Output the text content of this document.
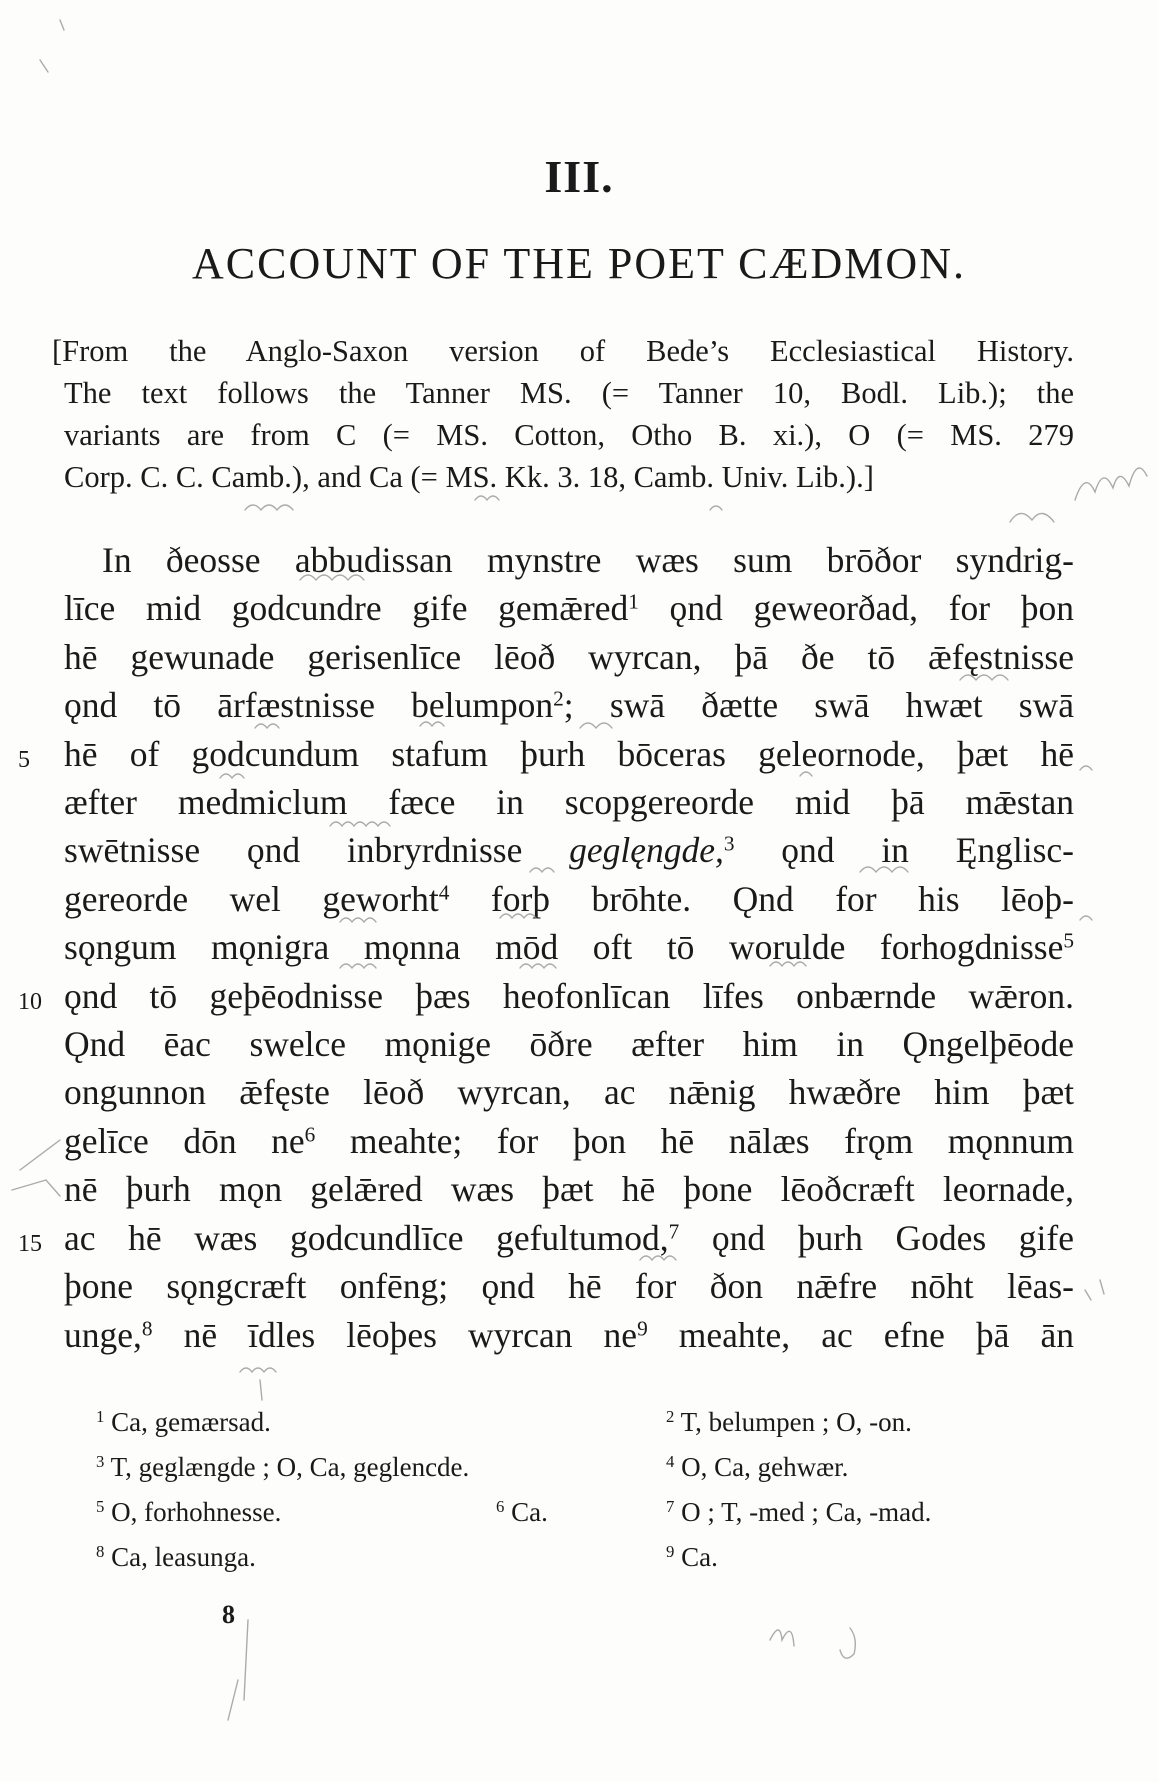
III.
ACCOUNT OF THE POET CÆDMON.
[From the Anglo-Saxon version of Bede’s Ecclesiastical History.
The text follows the Tanner MS. (= Tanner 10, Bodl. Lib.); the
variants are from C (= MS. Cotton, Otho B. xi.), O (= MS. 279
Corp. C. C. Camb.), and Ca (= MS. Kk. 3. 18, Camb. Univ. Lib.).]
In ðeosse abbudissan mynstre wæs sum brōðor syndrig-
līce mid godcundre gife gemǣred$^1$ ǫnd geweorðad, for þon
hē gewunade gerisenlīce lēoð wyrcan, þā ðe tō ǣfęstnisse
ǫnd tō ārfæstnisse belumpon$^2$; swā ðætte swā hwæt swā
5 hē of godcundum stafum þurh bōceras geleornode, þæt hē
æfter medmiclum fæce in scopgereorde mid þā mǣstan
swētnisse ǫnd inbryrdnisse geglęngde,$^3$ ǫnd in Ęnglisc-
gereorde wel geworht$^4$ forþ brōhte. Ǫnd for his lēoþ-
sǫngum mǫnigra mǫnna mōd oft tō worulde forhogdnisse$^5$
10 ǫnd tō geþēodnisse þæs heofonlīcan līfes onbærnde wǣron.
Ǫnd ēac swelce mǫnige ōðre æfter him in Ǫngelþēode
ongunnon ǣfęste lēoð wyrcan, ac nǣnig hwæðre him þæt
gelīce dōn $ne^6$ meahte; for þon hē nālæs frǫm mǫnnum
nē þurh mǫn gelǣred wæs þæt hē þone lēoðcræft leornade,
15 ac hē wæs godcundlīce gefultumod,$^7$ ǫnd þurh Godes gife
þone sǫngcræft onfēng; ǫnd hē for ðon nǣfre nōht lēas-
unge,$^8$ nē īdles lēoþes wyrcan $ne^9$ meahte, ac efne þā ān
$^1$ Ca, gemærsad.	$^2$ T, belumpen ; O, -on.
$^3$ T, geglængde ; O, Ca, geglencde.	$^4$ O, Ca, gehwær.
$^5$ O, forhohnesse.	$^6$ Ca.	$^7$ O ; T, -med ; Ca, -mad.
$^8$ Ca, leasunga.	$^9$ Ca.
8
